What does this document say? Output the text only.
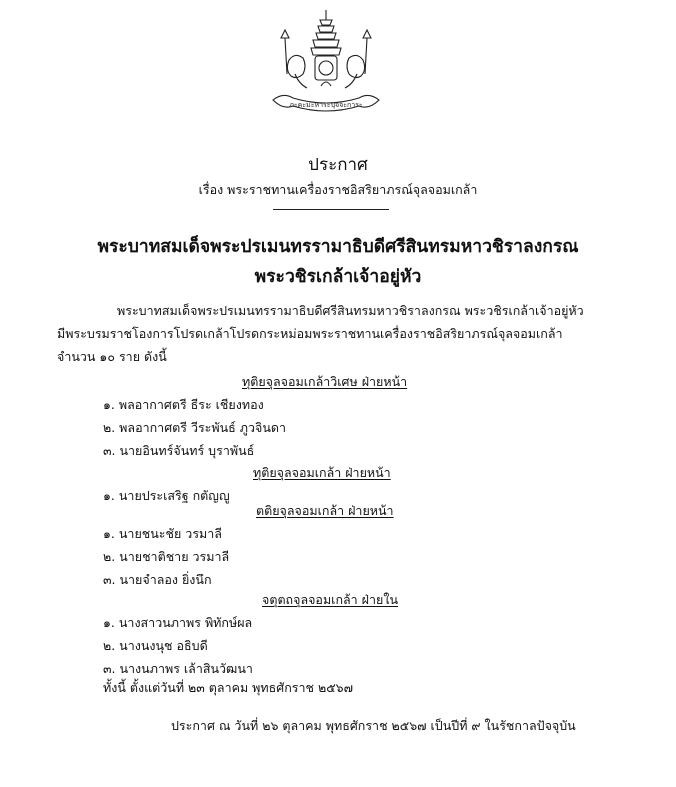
ภะคะมะหาระปุจจะการะ
ประกาศ
เรื่อง พระราชทานเครื่องราชอิสริยาภรณ์จุลจอมเกล้า
พระบาทสมเด็จพระปรเมนทรรามาธิบดีศรีสินทรมหาวชิราลงกรณ
พระวชิรเกล้าเจ้าอยู่หัว
พระบาทสมเด็จพระปรเมนทรรามาธิบดีศรีสินทรมหาวชิราลงกรณ พระวชิรเกล้าเจ้าอยู่หัว
มีพระบรมราชโองการโปรดเกล้าโปรดกระหม่อมพระราชทานเครื่องราชอิสริยาภรณ์จุลจอมเกล้า
จำนวน ๑๐ ราย ดังนี้
ทุติยจุลจอมเกล้าวิเศษ ฝ่ายหน้า
๑. พลอากาศตรี ธีระ เชียงทอง
๒. พลอากาศตรี วีระพันธ์ ภูวจินดา
๓. นายอินทร์จันทร์ บุราพันธ์
ทุติยจุลจอมเกล้า ฝ่ายหน้า
๑. นายประเสริฐ กตัญญู
ตติยจุลจอมเกล้า ฝ่ายหน้า
๑. นายชนะชัย วรมาลี
๒. นายชาติชาย วรมาลี
๓. นายจำลอง ยิ่งนึก
จตุตถจุลจอมเกล้า ฝ่ายใน
๑. นางสาวนภาพร พิทักษ์ผล
๒. นางนงนุช อธิบดี
๓. นางนภาพร เล้าสินวัฒนา
ทั้งนี้ ตั้งแต่วันที่ ๒๓ ตุลาคม พุทธศักราช ๒๕๖๗
ประกาศ ณ วันที่ ๒๖ ตุลาคม พุทธศักราช ๒๕๖๗ เป็นปีที่ ๙ ในรัชกาลปัจจุบัน
